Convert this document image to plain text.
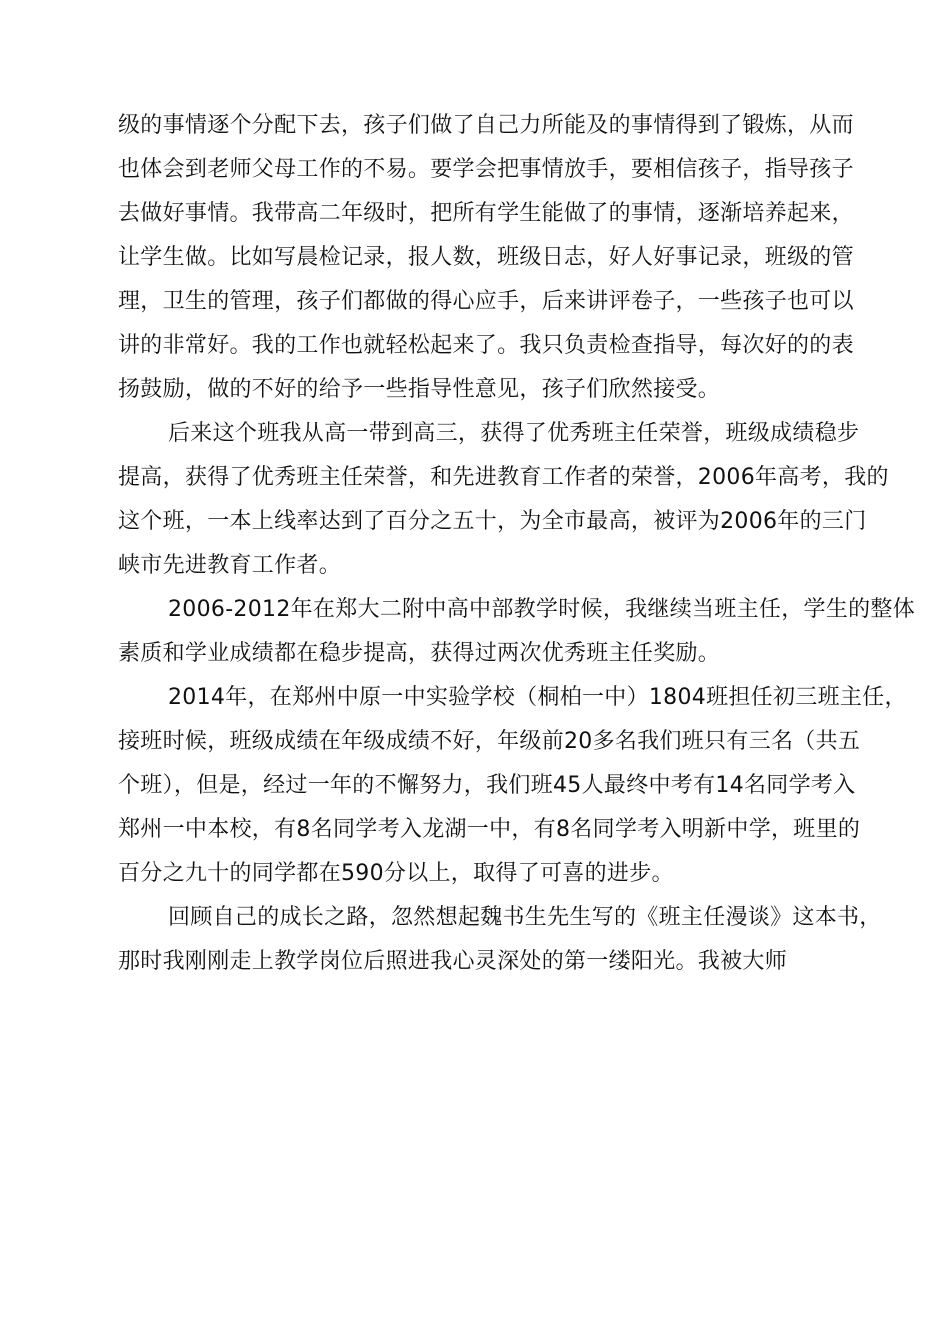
级的事情逐个分配下去，孩子们做了自己力所能及的事情得到了锻炼，从而
也体会到老师父母工作的不易。要学会把事情放手，要相信孩子，指导孩子
去做好事情。我带高二年级时，把所有学生能做了的事情，逐渐培养起来，
让学生做。比如写晨检记录，报人数，班级日志，好人好事记录，班级的管
理，卫生的管理，孩子们都做的得心应手，后来讲评卷子，一些孩子也可以
讲的非常好。我的工作也就轻松起来了。我只负责检查指导，每次好的的表
扬鼓励，做的不好的给予一些指导性意见，孩子们欣然接受。
后来这个班我从高一带到高三，获得了优秀班主任荣誉，班级成绩稳步
提高，获得了优秀班主任荣誉，和先进教育工作者的荣誉，2006年高考，我的
这个班，一本上线率达到了百分之五十，为全市最高，被评为2006年的三门
峡市先进教育工作者。
2006-2012年在郑大二附中高中部教学时候，我继续当班主任，学生的整体
素质和学业成绩都在稳步提高，获得过两次优秀班主任奖励。
2014年，在郑州中原一中实验学校（桐柏一中）1804班担任初三班主任，
接班时候，班级成绩在年级成绩不好，年级前20多名我们班只有三名（共五
个班），但是，经过一年的不懈努力，我们班45人最终中考有14名同学考入
郑州一中本校，有8名同学考入龙湖一中，有8名同学考入明新中学，班里的
百分之九十的同学都在590分以上，取得了可喜的进步。
回顾自己的成长之路，忽然想起魏书生先生写的《班主任漫谈》这本书，
那时我刚刚走上教学岗位后照进我心灵深处的第一缕阳光。我被大师
